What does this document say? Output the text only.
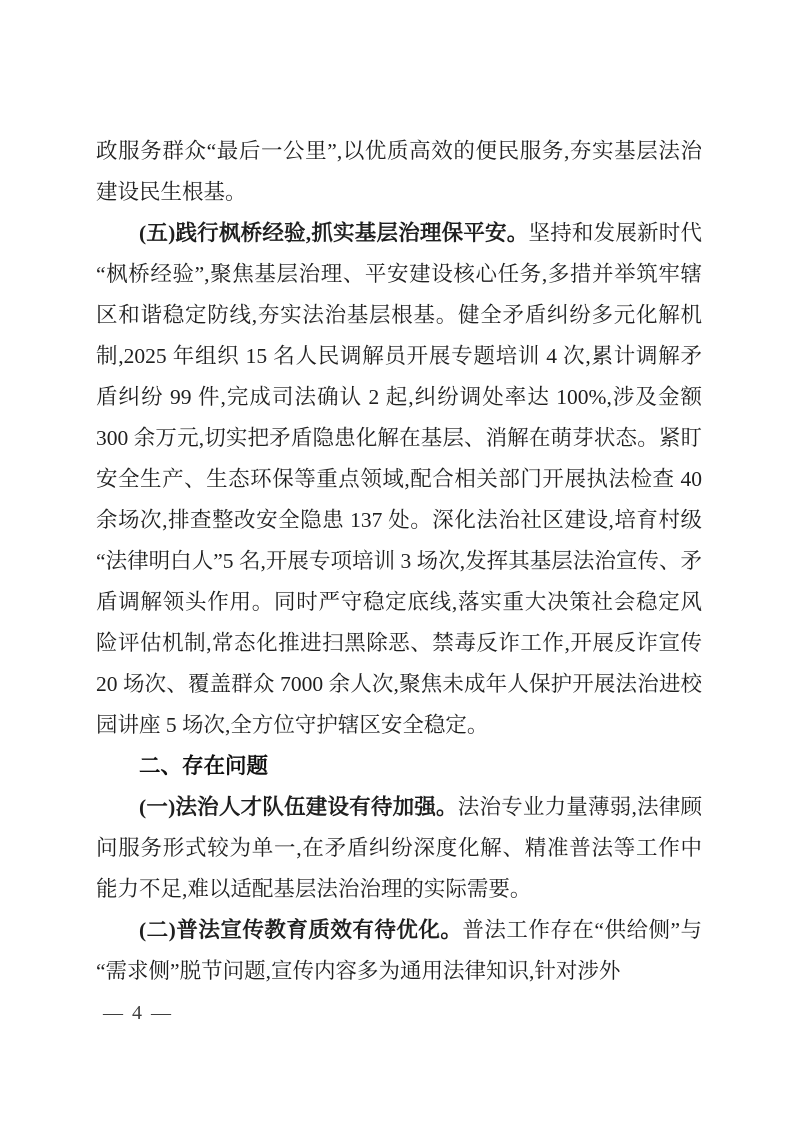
政服务群众“最后一公里”,以优质高效的便民服务,夯实基层法治建设民生根基。

(五)践行枫桥经验,抓实基层治理保平安。坚持和发展新时代“枫桥经验”,聚焦基层治理、平安建设核心任务,多措并举筑牢辖区和谐稳定防线,夯实法治基层根基。健全矛盾纠纷多元化解机制,2025 年组织 15 名人民调解员开展专题培训 4 次,累计调解矛盾纠纷 99 件,完成司法确认 2 起,纠纷调处率达 100%,涉及金额 300 余万元,切实把矛盾隐患化解在基层、消解在萌芽状态。紧盯安全生产、生态环保等重点领域,配合相关部门开展执法检查 40 余场次,排查整改安全隐患 137 处。深化法治社区建设,培育村级“法律明白人”5 名,开展专项培训 3 场次,发挥其基层法治宣传、矛盾调解领头作用。同时严守稳定底线,落实重大决策社会稳定风险评估机制,常态化推进扫黑除恶、禁毒反诈工作,开展反诈宣传 20 场次、覆盖群众 7000 余人次,聚焦未成年人保护开展法治进校园讲座 5 场次,全方位守护辖区安全稳定。

二、存在问题

(一)法治人才队伍建设有待加强。法治专业力量薄弱,法律顾问服务形式较为单一,在矛盾纠纷深度化解、精准普法等工作中能力不足,难以适配基层法治治理的实际需要。

(二)普法宣传教育质效有待优化。普法工作存在“供给侧”与“需求侧”脱节问题,宣传内容多为通用法律知识,针对涉外

— 4 —
